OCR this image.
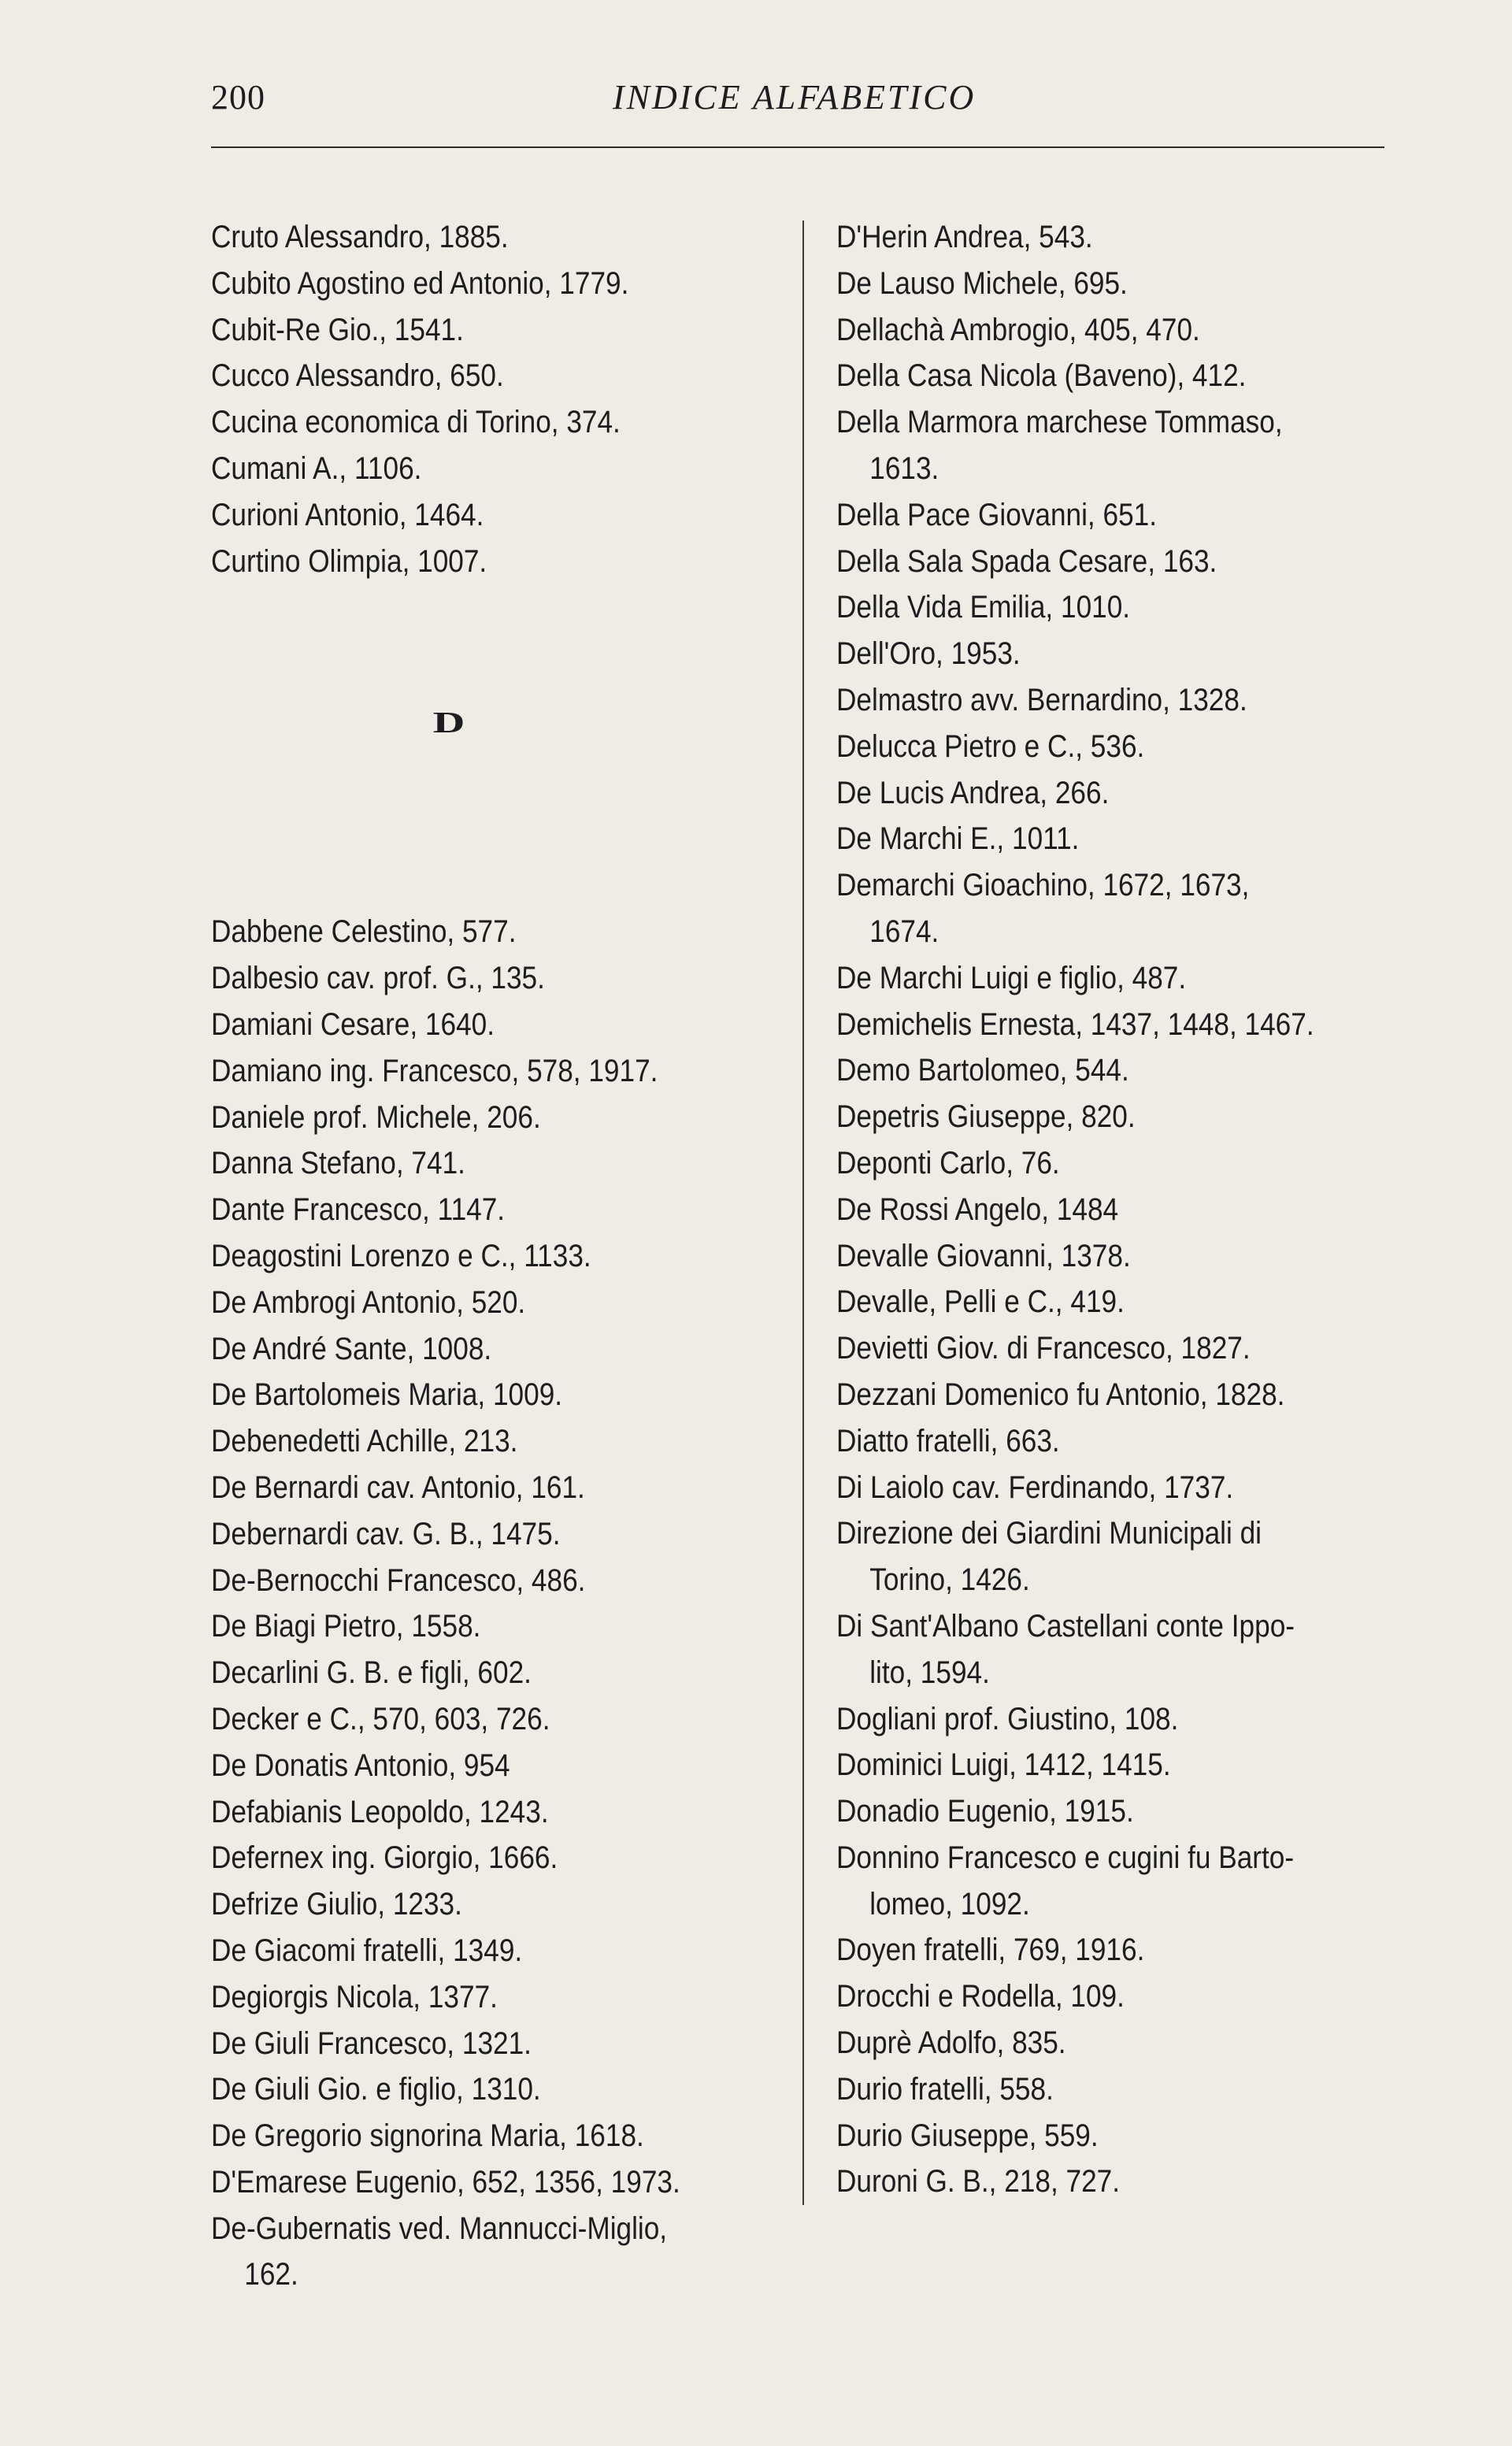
200	INDICE ALFABETICO
Cruto Alessandro, 1885.
Cubito Agostino ed Antonio, 1779.
Cubit-Re Gio., 1541.
Cucco Alessandro, 650.
Cucina economica di Torino, 374.
Cumani A., 1106.
Curioni Antonio, 1464.
Curtino Olimpia, 1007.
D
Dabbene Celestino, 577.
Dalbesio cav. prof. G., 135.
Damiani Cesare, 1640.
Damiano ing. Francesco, 578, 1917.
Daniele prof. Michele, 206.
Danna Stefano, 741.
Dante Francesco, 1147.
Deagostini Lorenzo e C., 1133.
De Ambrogi Antonio, 520.
De André Sante, 1008.
De Bartolomeis Maria, 1009.
Debenedetti Achille, 213.
De Bernardi cav. Antonio, 161.
Debernardi cav. G. B., 1475.
De-Bernocchi Francesco, 486.
De Biagi Pietro, 1558.
Decarlini G. B. e figli, 602.
Decker e C., 570, 603, 726.
De Donatis Antonio, 954
Defabianis Leopoldo, 1243.
Defernex ing. Giorgio, 1666.
Defrize Giulio, 1233.
De Giacomi fratelli, 1349.
Degiorgis Nicola, 1377.
De Giuli Francesco, 1321.
De Giuli Gio. e figlio, 1310.
De Gregorio signorina Maria, 1618.
D'Emarese Eugenio, 652, 1356, 1973.
De-Gubernatis ved. Mannucci-Miglio,
162.
D'Herin Andrea, 543.
De Lauso Michele, 695.
Dellachà Ambrogio, 405, 470.
Della Casa Nicola (Baveno), 412.
Della Marmora marchese Tommaso,
1613.
Della Pace Giovanni, 651.
Della Sala Spada Cesare, 163.
Della Vida Emilia, 1010.
Dell'Oro, 1953.
Delmastro avv. Bernardino, 1328.
Delucca Pietro e C., 536.
De Lucis Andrea, 266.
De Marchi E., 1011.
Demarchi Gioachino, 1672, 1673,
1674.
De Marchi Luigi e figlio, 487.
Demichelis Ernesta, 1437, 1448, 1467.
Demo Bartolomeo, 544.
Depetris Giuseppe, 820.
Deponti Carlo, 76.
De Rossi Angelo, 1484
Devalle Giovanni, 1378.
Devalle, Pelli e C., 419.
Devietti Giov. di Francesco, 1827.
Dezzani Domenico fu Antonio, 1828.
Diatto fratelli, 663.
Di Laiolo cav. Ferdinando, 1737.
Direzione dei Giardini Municipali di
Torino, 1426.
Di Sant'Albano Castellani conte Ippo-
lito, 1594.
Dogliani prof. Giustino, 108.
Dominici Luigi, 1412, 1415.
Donadio Eugenio, 1915.
Donnino Francesco e cugini fu Barto-
lomeo, 1092.
Doyen fratelli, 769, 1916.
Drocchi e Rodella, 109.
Duprè Adolfo, 835.
Durio fratelli, 558.
Durio Giuseppe, 559.
Duroni G. B., 218, 727.
